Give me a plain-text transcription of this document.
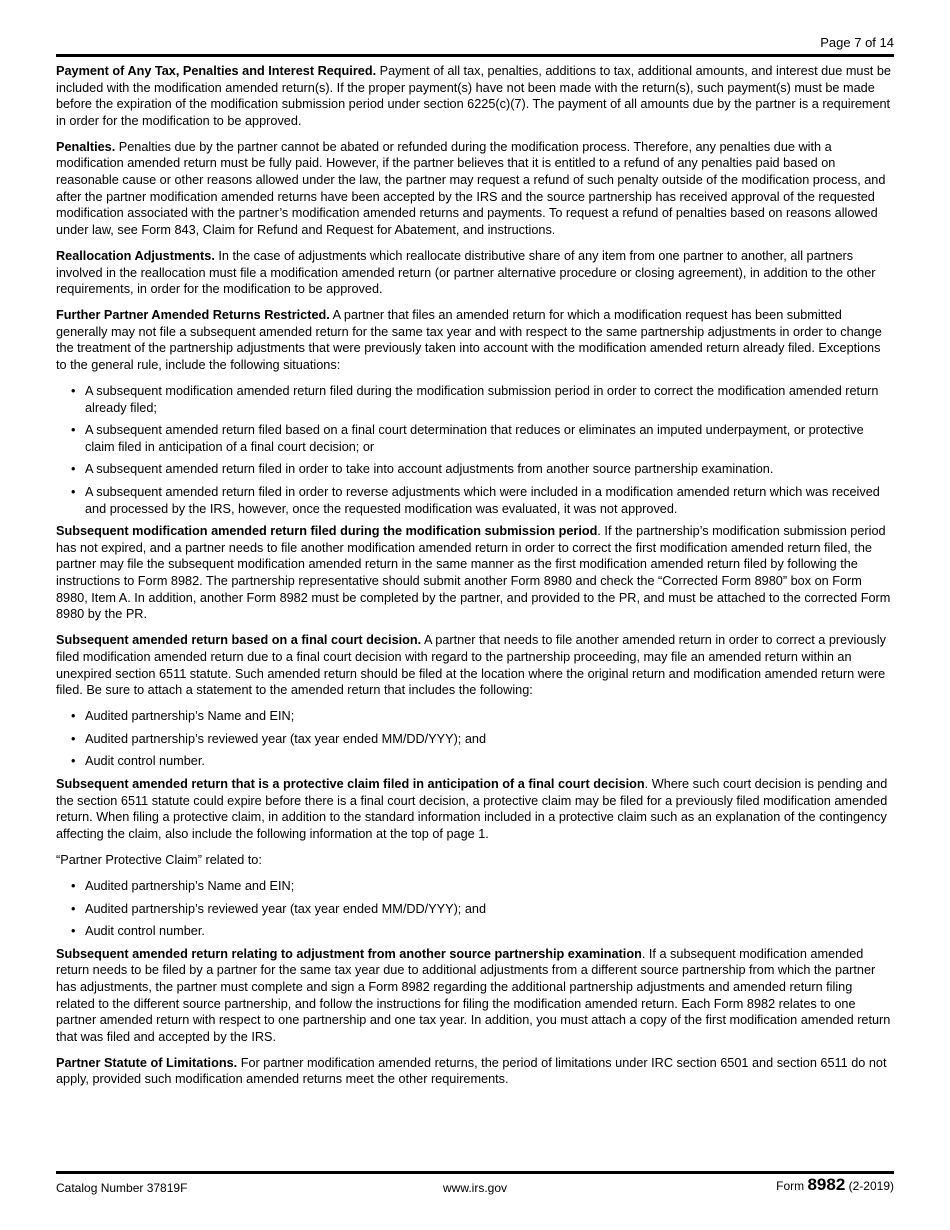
Page 7 of 14

Payment of Any Tax, Penalties and Interest Required. Payment of all tax, penalties, additions to tax, additional amounts, and interest due must be included with the modification amended return(s). If the proper payment(s) have not been made with the return(s), such payment(s) must be made before the expiration of the modification submission period under section 6225(c)(7). The payment of all amounts due by the partner is a requirement in order for the modification to be approved.

Penalties. Penalties due by the partner cannot be abated or refunded during the modification process. Therefore, any penalties due with a modification amended return must be fully paid. However, if the partner believes that it is entitled to a refund of any penalties paid based on reasonable cause or other reasons allowed under the law, the partner may request a refund of such penalty outside of the modification process, and after the partner modification amended returns have been accepted by the IRS and the source partnership has received approval of the requested modification associated with the partner’s modification amended returns and payments. To request a refund of penalties based on reasons allowed under law, see Form 843, Claim for Refund and Request for Abatement, and instructions.

Reallocation Adjustments. In the case of adjustments which reallocate distributive share of any item from one partner to another, all partners involved in the reallocation must file a modification amended return (or partner alternative procedure or closing agreement), in addition to the other requirements, in order for the modification to be approved.

Further Partner Amended Returns Restricted. A partner that files an amended return for which a modification request has been submitted generally may not file a subsequent amended return for the same tax year and with respect to the same partnership adjustments in order to change the treatment of the partnership adjustments that were previously taken into account with the modification amended return already filed. Exceptions to the general rule, include the following situations:

• A subsequent modification amended return filed during the modification submission period in order to correct the modification amended return already filed;
• A subsequent amended return filed based on a final court determination that reduces or eliminates an imputed underpayment, or protective claim filed in anticipation of a final court decision; or
• A subsequent amended return filed in order to take into account adjustments from another source partnership examination.
• A subsequent amended return filed in order to reverse adjustments which were included in a modification amended return which was received and processed by the IRS, however, once the requested modification was evaluated, it was not approved.

Subsequent modification amended return filed during the modification submission period. If the partnership’s modification submission period has not expired, and a partner needs to file another modification amended return in order to correct the first modification amended return filed, the partner may file the subsequent modification amended return in the same manner as the first modification amended return filed by following the instructions to Form 8982. The partnership representative should submit another Form 8980 and check the “Corrected Form 8980” box on Form 8980, Item A. In addition, another Form 8982 must be completed by the partner, and provided to the PR, and must be attached to the corrected Form 8980 by the PR.

Subsequent amended return based on a final court decision. A partner that needs to file another amended return in order to correct a previously filed modification amended return due to a final court decision with regard to the partnership proceeding, may file an amended return within an unexpired section 6511 statute. Such amended return should be filed at the location where the original return and modification amended return were filed. Be sure to attach a statement to the amended return that includes the following:

• Audited partnership’s Name and EIN;
• Audited partnership’s reviewed year (tax year ended MM/DD/YYY); and
• Audit control number.

Subsequent amended return that is a protective claim filed in anticipation of a final court decision. Where such court decision is pending and the section 6511 statute could expire before there is a final court decision, a protective claim may be filed for a previously filed modification amended return. When filing a protective claim, in addition to the standard information included in a protective claim such as an explanation of the contingency affecting the claim, also include the following information at the top of page 1.

“Partner Protective Claim” related to:

• Audited partnership’s Name and EIN;
• Audited partnership’s reviewed year (tax year ended MM/DD/YYY); and
• Audit control number.

Subsequent amended return relating to adjustment from another source partnership examination. If a subsequent modification amended return needs to be filed by a partner for the same tax year due to additional adjustments from a different source partnership from which the partner has adjustments, the partner must complete and sign a Form 8982 regarding the additional partnership adjustments and amended return filing related to the different source partnership, and follow the instructions for filing the modification amended return. Each Form 8982 relates to one partner amended return with respect to one partnership and one tax year. In addition, you must attach a copy of the first modification amended return that was filed and accepted by the IRS.

Partner Statute of Limitations. For partner modification amended returns, the period of limitations under IRC section 6501 and section 6511 do not apply, provided such modification amended returns meet the other requirements.

Catalog Number 37819F	www.irs.gov	Form 8982 (2-2019)
